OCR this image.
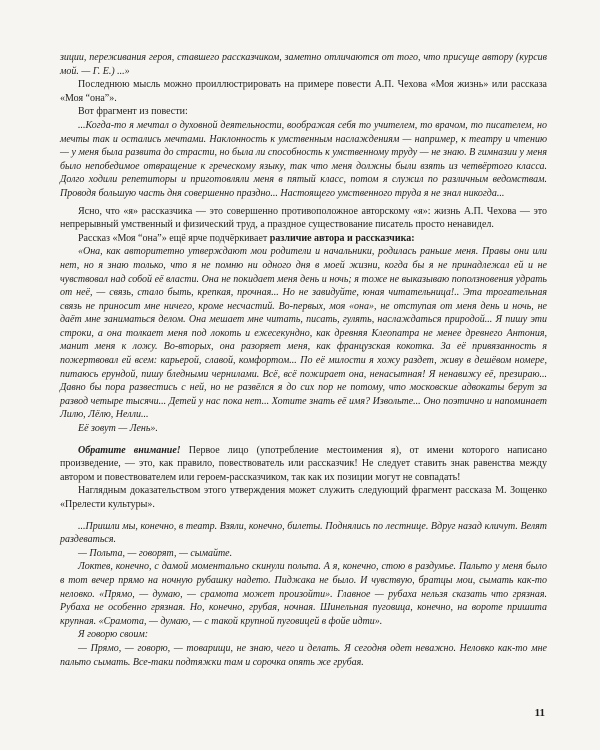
зиции, переживания героя, ставшего рассказчиком, заметно отличаются от того, что присуще автору (курсив мой. — Г. Е.) ...»

Последнюю мысль можно проиллюстрировать на примере повести А.П. Чехова «Моя жизнь» или рассказа «Моя “она”».

Вот фрагмент из повести:

...Когда-то я мечтал о духовной деятельности, воображая себя то учителем, то врачом, то писателем, но мечты так и остались мечтами. Наклонность к умственным наслаждениям — например, к театру и чтению — у меня была развита до страсти, но была ли способность к умственному труду — не знаю. В гимназии у меня было непобедимое отвращение к греческому языку, так что меня должны были взять из четвёртого класса. Долго ходили репетиторы и приготовляли меня в пятый класс, потом я служил по различным ведомствам. Проводя большую часть дня совершенно праздно... Настоящего умственного труда я не знал никогда...

Ясно, что «я» рассказчика — это совершенно противоположное авторскому «я»: жизнь А.П. Чехова — это непрерывный умственный и физический труд, а праздное существование писатель просто ненавидел.

Рассказ «Моя “она”» ещё ярче подчёркивает различие автора и рассказчика:

«Она, как авторитетно утверждают мои родители и начальники, родилась раньше меня. Правы они или нет, но я знаю только, что я не помню ни одного дня в моей жизни, когда бы я не принадлежал ей и не чувствовал над собой её власти. Она не покидает меня день и ночь; я тоже не выказываю поползновения удрать от неё, — связь, стало быть, крепкая, прочная... Но не завидуйте, юная читательница!.. Эта трогательная связь не приносит мне ничего, кроме несчастий. Во-первых, моя «она», не отступая от меня день и ночь, не даёт мне заниматься делом. Она мешает мне читать, писать, гулять, наслаждаться природой... Я пишу эти строки, а она толкает меня под локоть и ежесекундно, как древняя Клеопатра не менее древнего Антония, манит меня к ложу. Во-вторых, она разоряет меня, как французская кокотка. За её привязанность я пожертвовал ей всем: карьерой, славой, комфортом... По её милости я хожу раздет, живу в дешёвом номере, питаюсь ерундой, пишу бледными чернилами. Всё, всё пожирает она, ненасытная! Я ненавижу её, презираю... Давно бы пора развестись с ней, но не развёлся я до сих пор не потому, что московские адвокаты берут за развод четыре тысячи... Детей у нас пока нет... Хотите знать её имя? Извольте... Оно поэтично и напоминает Лилю, Лёлю, Нелли...

Её зовут — Лень».

Обратите внимание! Первое лицо (употребление местоимения я), от имени которого написано произведение, — это, как правило, повествователь или рассказчик! Не следует ставить знак равенства между автором и повествователем или героем-рассказчиком, так как их позиции могут не совпадать!

Наглядным доказательством этого утверждения может служить следующий фрагмент рассказа М. Зощенко «Прелести культуры».

...Пришли мы, конечно, в театр. Взяли, конечно, билеты. Поднялись по лестнице. Вдруг назад кличут. Велят раздеваться.

— Польта, — говорят, — сымайте.

Локтев, конечно, с дамой моментально скинули польта. А я, конечно, стою в раздумье. Пальто у меня было в тот вечер прямо на ночную рубашку надето. Пиджака не было. И чувствую, братцы мои, сымать как-то неловко. «Прямо, — думаю, — срамота может произойти». Главное — рубаха нельзя сказать что грязная. Рубаха не особенно грязная. Но, конечно, грубая, ночная. Шинельная пуговица, конечно, на вороте пришита крупная. «Срамота, — думаю, — с такой крупной пуговицей в фойе идти».

Я говорю своим:

— Прямо, — говорю, — товарищи, не знаю, чего и делать. Я сегодня одет неважно. Неловко как-то мне пальто сымать. Все-таки подтяжки там и сорочка опять же грубая.

11
